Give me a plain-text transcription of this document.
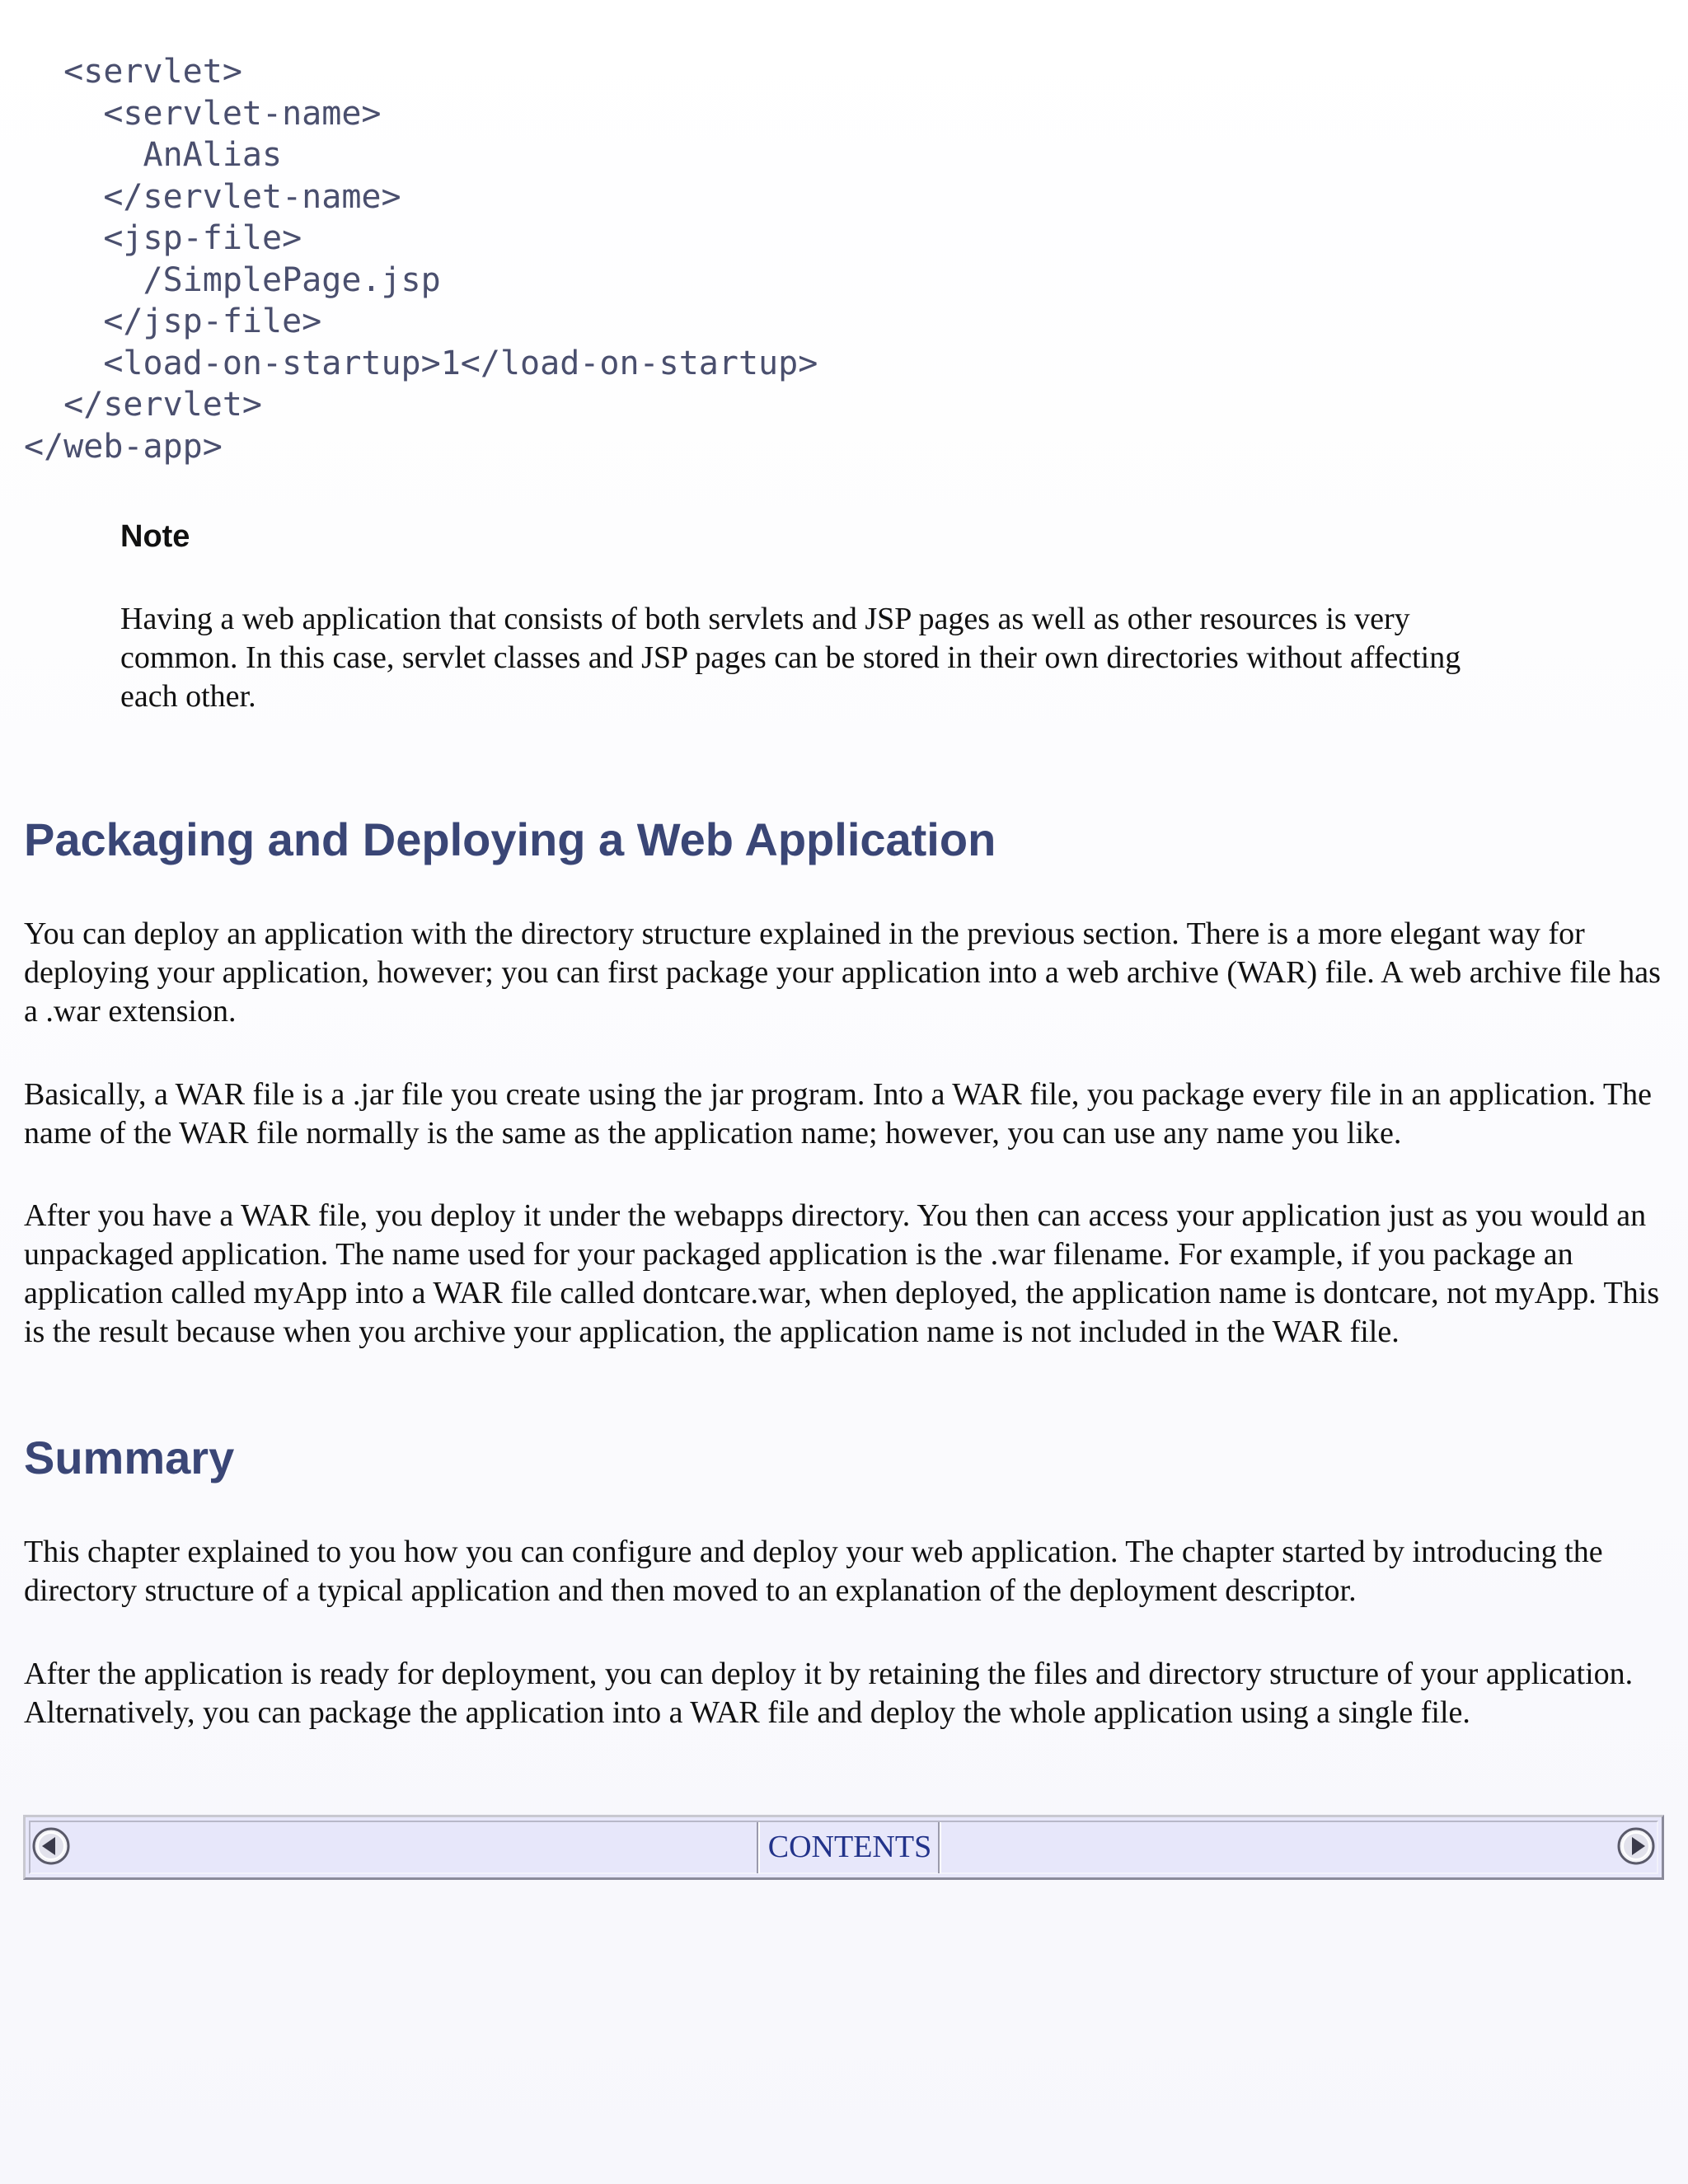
<servlet>
<servlet-name>
AnAlias
</servlet-name>
<jsp-file>
/SimplePage.jsp
</jsp-file>
<load-on-startup>1</load-on-startup>
</servlet>
</web-app>
Note
Having a web application that consists of both servlets and JSP pages as well as other resources is very common. In this case, servlet classes and JSP pages can be stored in their own directories without affecting each other.
Packaging and Deploying a Web Application

You can deploy an application with the directory structure explained in the previous section. There is a more elegant way for deploying your application, however; you can first package your application into a web archive (WAR) file. A web archive file has a .war extension.

Basically, a WAR file is a .jar file you create using the jar program. Into a WAR file, you package every file in an application. The name of the WAR file normally is the same as the application name; however, you can use any name you like.

After you have a WAR file, you deploy it under the webapps directory. You then can access your application just as you would an unpackaged application. The name used for your packaged application is the .war filename. For example, if you package an application called myApp into a WAR file called dontcare.war, when deployed, the application name is dontcare, not myApp. This is the result because when you archive your application, the application name is not included in the WAR file.

Summary

This chapter explained to you how you can configure and deploy your web application. The chapter started by introducing the directory structure of a typical application and then moved to an explanation of the deployment descriptor.

After the application is ready for deployment, you can deploy it by retaining the files and directory structure of your application. Alternatively, you can package the application into a WAR file and deploy the whole application using a single file.

CONTENTS
